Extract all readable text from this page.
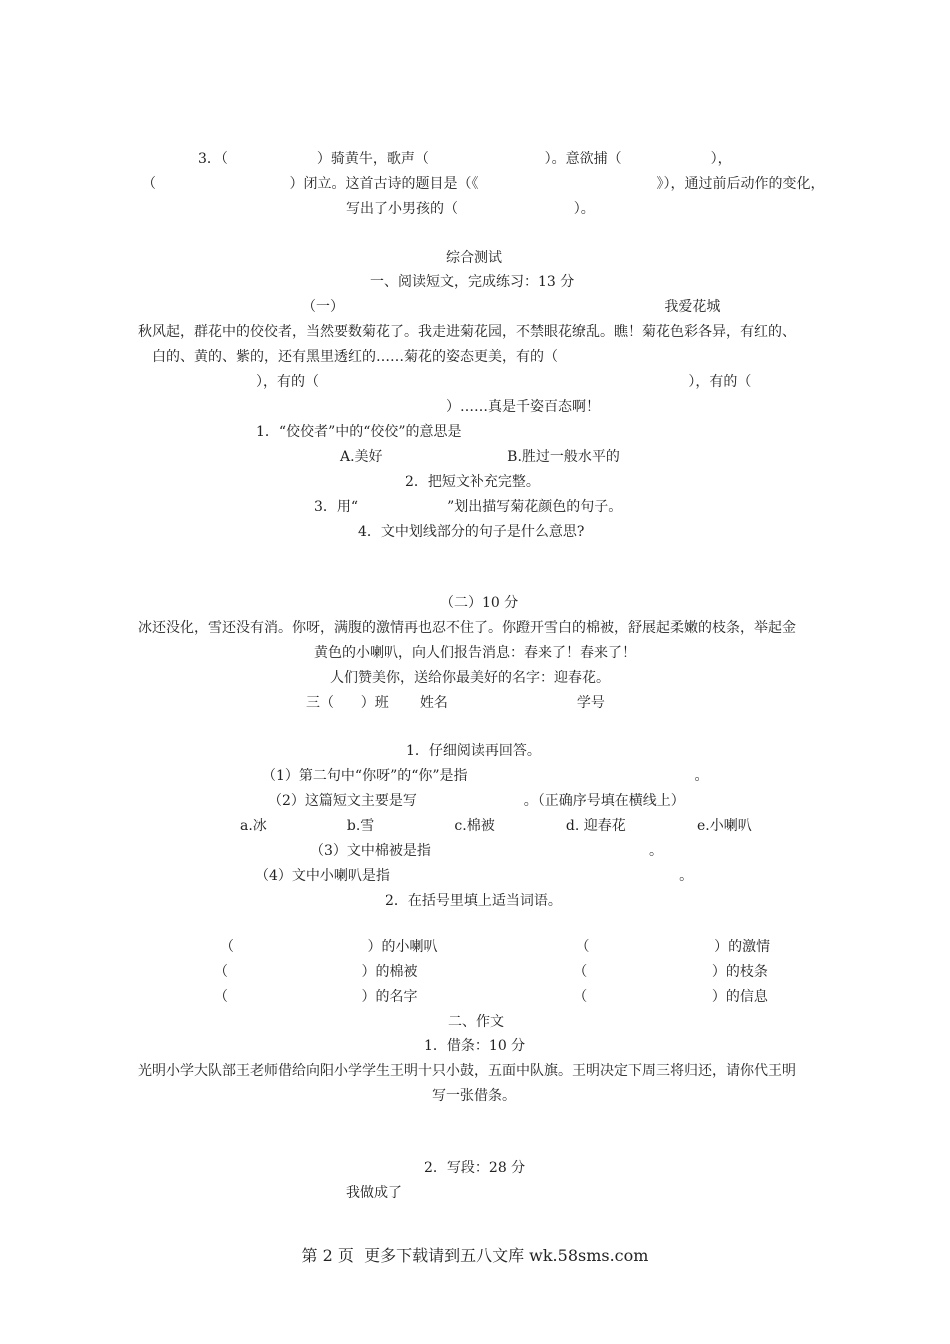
3．（                    ）骑黄牛，歌声（                          ）。意欲捕（                    ），
（                              ）闭立。这首古诗的题目是（《                                        》），通过前后动作的变化，
写出了小男孩的（                          ）。
综合测试
一、阅读短文，完成练习：13 分
（一）                                                                        我爱花城
秋风起，群花中的佼佼者，当然要数菊花了。我走进菊花园，不禁眼花缭乱。瞧！菊花色彩各异，有红的、
白的、黄的、紫的，还有黑里透红的……菊花的姿态更美，有的（
），有的（                                                                                   ），有的（
）……真是千姿百态啊！
1．“佼佼者”中的“佼佼”的意思是
A.美好                            B.胜过一般水平的
2．把短文补充完整。
3．用“                    ”划出描写菊花颜色的句子。
4．文中划线部分的句子是什么意思?
（二）10 分
冰还没化，雪还没有消。你呀，满腹的激情再也忍不住了。你蹬开雪白的棉被，舒展起柔嫩的枝条，举起金
黄色的小喇叭，向人们报告消息：春来了！春来了！
人们赞美你，送给你最美好的名字：迎春花。
三（      ）班       姓名                             学号
1．仔细阅读再回答。
（1）第二句中“你呀”的“你”是指                                                   。
（2）这篇短文主要是写                        。（正确序号填在横线上）
a.冰                  b.雪                  c.棉被                d. 迎春花                e.小喇叭
（3）文中棉被是指                                                 。
（4）文中小喇叭是指                                                                 。
2．在括号里填上适当词语。
（                              ）的小喇叭                               （                            ）的激情
（                              ）的棉被                                   （                            ）的枝条
（                              ）的名字                                   （                            ）的信息
二、作文
1．借条：10 分
光明小学大队部王老师借给向阳小学学生王明十只小鼓，五面中队旗。王明决定下周三将归还，请你代王明
写一张借条。
2．写段：28 分
我做成了
第 2 页  更多下载请到五八文库 wk.58sms.com
